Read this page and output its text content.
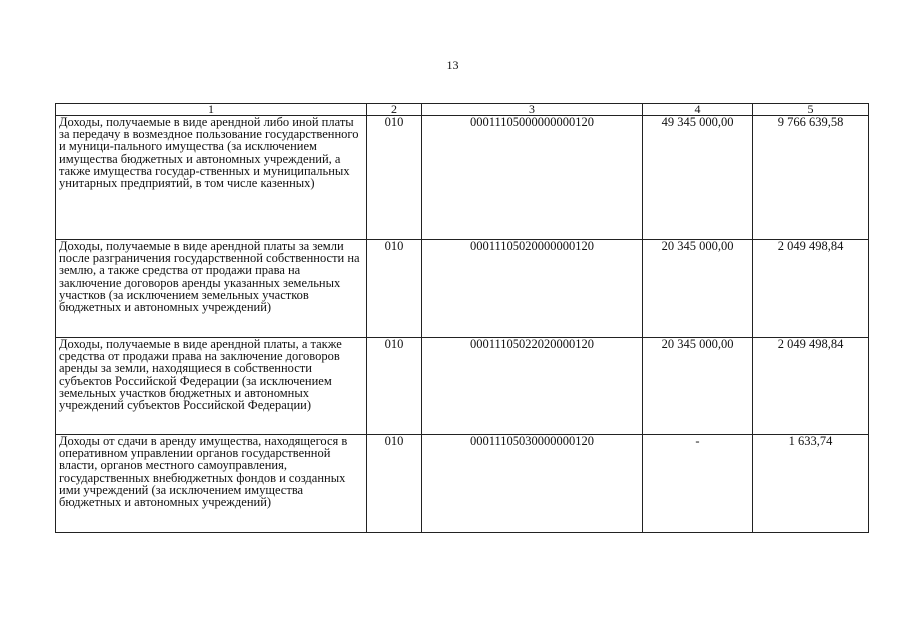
13
1	2	3	4	5
Доходы, получаемые в виде арендной либо иной платы за передачу в возмездное пользование государственного и муници-пального имущества (за исключением имущества бюджетных и автономных учреждений, а также имущества государ-ственных и муниципальных унитарных предприятий, в том числе казенных)	010	00011105000000000120	49 345 000,00	9 766 639,58
Доходы, получаемые в виде арендной платы за земли после разграничения государственной собственности на землю, а также средства от продажи права на заключение договоров аренды указанных земельных участков (за исключением земельных участков бюджетных и автономных учреждений)	010	00011105020000000120	20 345 000,00	2 049 498,84
Доходы, получаемые в виде арендной платы, а также средства от продажи права на заключение договоров аренды за земли, находящиеся в собственности субъектов Российской Федерации (за исключением земельных участков бюджетных и автономных учреждений субъектов Российской Федерации)	010	00011105022020000120	20 345 000,00	2 049 498,84
Доходы от сдачи в аренду имущества, находящегося в оперативном управлении органов государственной власти, органов местного самоуправления, государственных внебюджетных фондов и созданных ими учреждений (за исключением имущества бюджетных и автономных учреждений)	010	00011105030000000120	-	1 633,74
